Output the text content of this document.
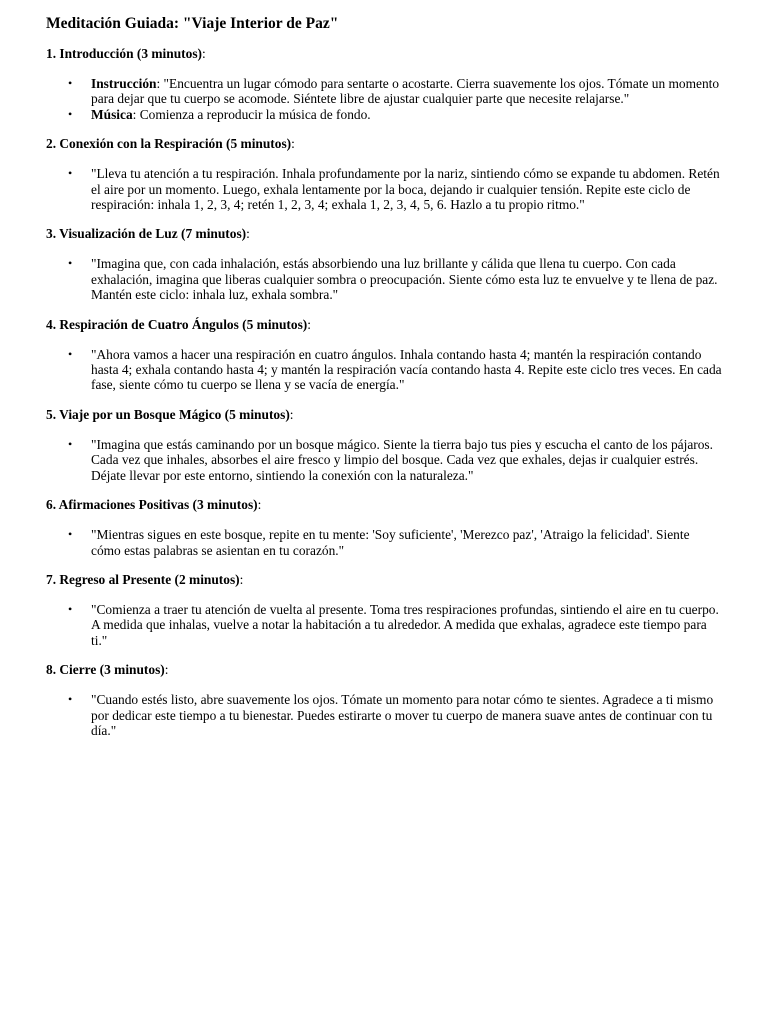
Meditación Guiada: "Viaje Interior de Paz"

1. Introducción (3 minutos):

• Instrucción: "Encuentra un lugar cómodo para sentarte o acostarte. Cierra suavemente los ojos. Tómate un momento para dejar que tu cuerpo se acomode. Siéntete libre de ajustar cualquier parte que necesite relajarse."
• Música: Comienza a reproducir la música de fondo.

2. Conexión con la Respiración (5 minutos):

• "Lleva tu atención a tu respiración. Inhala profundamente por la nariz, sintiendo cómo se expande tu abdomen. Retén el aire por un momento. Luego, exhala lentamente por la boca, dejando ir cualquier tensión. Repite este ciclo de respiración: inhala 1, 2, 3, 4; retén 1, 2, 3, 4; exhala 1, 2, 3, 4, 5, 6. Hazlo a tu propio ritmo."

3. Visualización de Luz (7 minutos):

• "Imagina que, con cada inhalación, estás absorbiendo una luz brillante y cálida que llena tu cuerpo. Con cada exhalación, imagina que liberas cualquier sombra o preocupación. Siente cómo esta luz te envuelve y te llena de paz. Mantén este ciclo: inhala luz, exhala sombra."

4. Respiración de Cuatro Ángulos (5 minutos):

• "Ahora vamos a hacer una respiración en cuatro ángulos. Inhala contando hasta 4; mantén la respiración contando hasta 4; exhala contando hasta 4; y mantén la respiración vacía contando hasta 4. Repite este ciclo tres veces. En cada fase, siente cómo tu cuerpo se llena y se vacía de energía."

5. Viaje por un Bosque Mágico (5 minutos):

• "Imagina que estás caminando por un bosque mágico. Siente la tierra bajo tus pies y escucha el canto de los pájaros. Cada vez que inhales, absorbes el aire fresco y limpio del bosque. Cada vez que exhales, dejas ir cualquier estrés. Déjate llevar por este entorno, sintiendo la conexión con la naturaleza."

6. Afirmaciones Positivas (3 minutos):

• "Mientras sigues en este bosque, repite en tu mente: 'Soy suficiente', 'Merezco paz', 'Atraigo la felicidad'. Siente cómo estas palabras se asientan en tu corazón."

7. Regreso al Presente (2 minutos):

• "Comienza a traer tu atención de vuelta al presente. Toma tres respiraciones profundas, sintiendo el aire en tu cuerpo. A medida que inhalas, vuelve a notar la habitación a tu alrededor. A medida que exhalas, agradece este tiempo para ti."

8. Cierre (3 minutos):

• "Cuando estés listo, abre suavemente los ojos. Tómate un momento para notar cómo te sientes. Agradece a ti mismo por dedicar este tiempo a tu bienestar. Puedes estirarte o mover tu cuerpo de manera suave antes de continuar con tu día."
